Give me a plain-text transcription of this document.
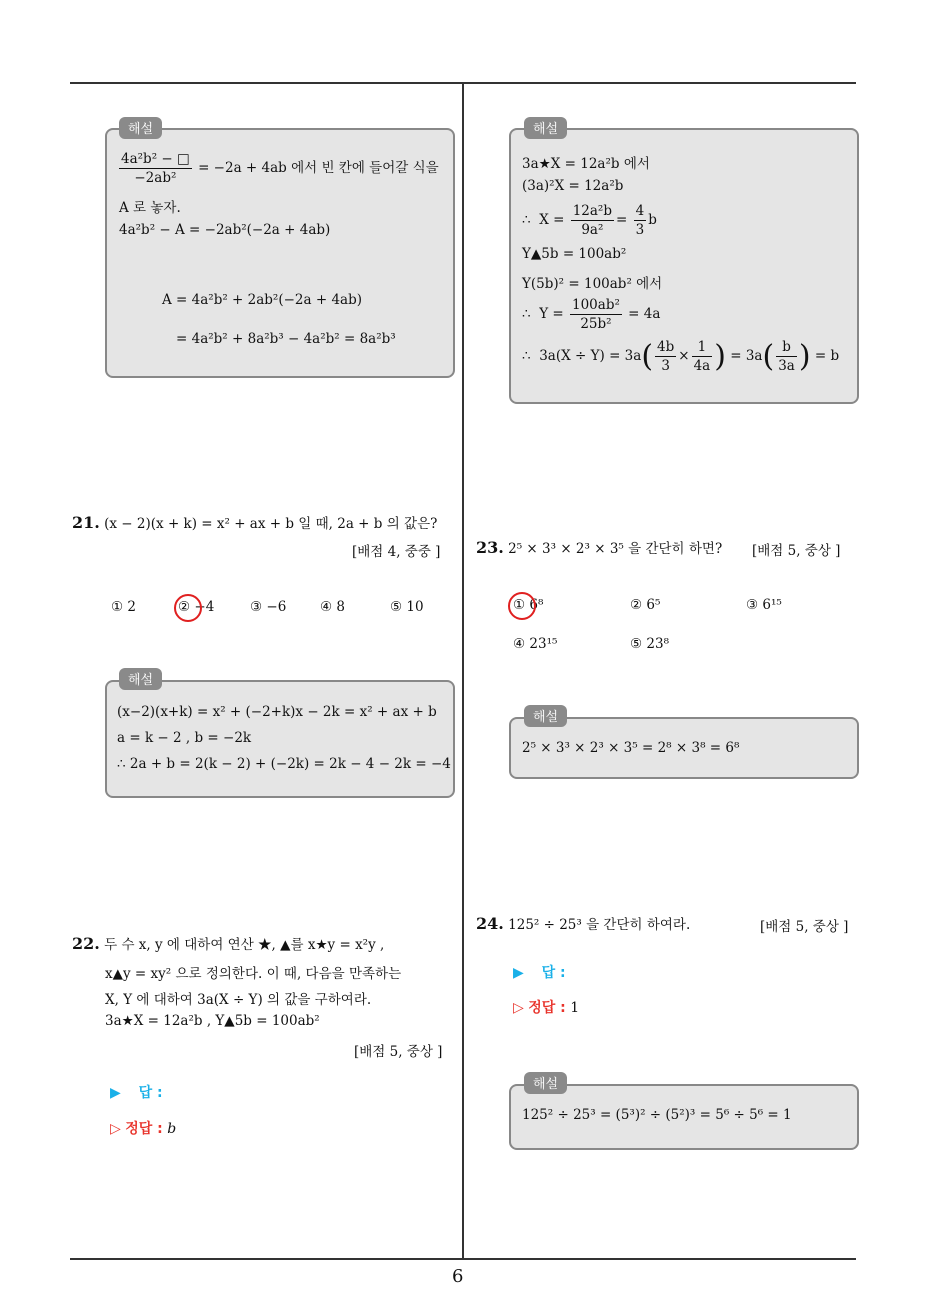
6
해설
$\frac{\text{4a²b² − □}}{\text{−2ab²}} = -2a + 4ab$ 에서 빈 칸에 들어갈 식을
A 로 놓자.
4a²b² − A = −2ab²(−2a + 4ab)
A = 4a²b² + 2ab²(−2a + 4ab)
= 4a²b² + 8a²b³ − 4a²b² = 8a²b³
21. (x − 2)(x + k) = x² + ax + b 일 때, 2a + b 의 값은?
[배점 4, 중중 ]
① 2	② −4	③ −6 ④ 8	⑤ 10
해설
(x−2)(x+k) = x² + (−2+k)x − 2k = x² + ax + b
a = k − 2 , b = −2k
∴ 2a + b = 2(k − 2) + (−2k) = 2k − 4 − 2k = −4
22. 두 수 x, y 에 대하여 연산 ★, ▲를 x★y = x²y ,
x▲y = xy² 으로 정의한다. 이 때, 다음을 만족하는
X, Y 에 대하여 3a(X ÷ Y) 의 값을 구하여라.
3a★X = 12a²b , Y▲5b = 100ab²
[배점 5, 중상 ]
▶ 답 :
▷ 정답 : b
해설
3a★X = 12a²b 에서
(3a)²X = 12a²b
∴ $X = \frac{\text{12a²b}}{\text{9a²}} = \frac{4}{3}$ b
Y▲5b = 100ab²
Y(5b)² = 100ab² 에서
∴ $Y = \frac{\text{100ab²}}{\text{25b²}} = 4a$
∴ $3a(X \div Y) = 3a( \frac{4b}{3} \times \frac{1}{4a}$ ) = $3a( \frac{b}{3a}$ ) = b
23. 2⁵ × 3³ × 2³ × 3⁵ 을 간단히 하면? [배점 5, 중상 ]
① 6⁸	② 6⁵	③ 6¹⁵
④ 23¹⁵	⑤ 23⁸
해설
2⁵ × 3³ × 2³ × 3⁵ = 2⁸ × 3⁸ = 6⁸
24. 125² ÷ 25³ 을 간단히 하여라.	[배점 5, 중상 ]
▶ 답 :
▷ 정답 : 1
해설
125² ÷ 25³ = (5³)² ÷ (5²)³ = 5⁶ ÷ 5⁶ = 1
